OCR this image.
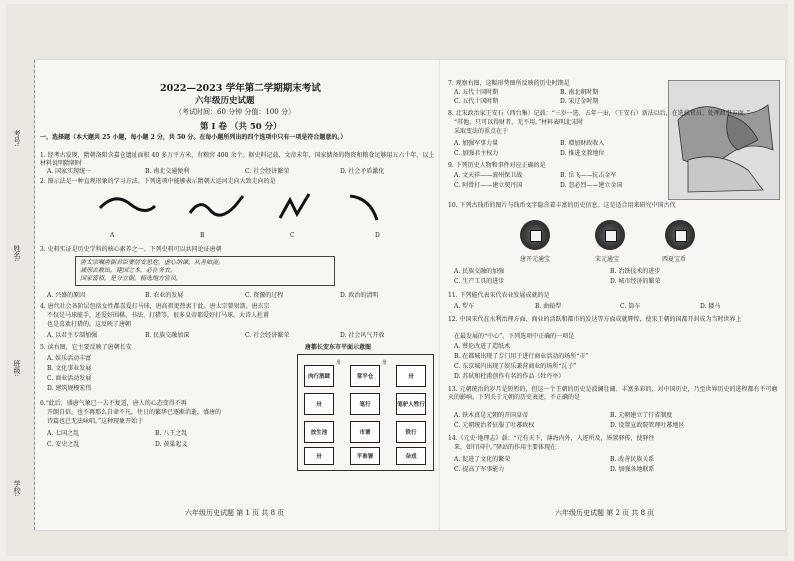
考号:
姓名:
班级:
学校:
2022—2023 学年第二学期期末考试
六年级历史试题
（考试时间：60 分钟 分值：100 分）
第 I 卷 （共 50 分）
一、选择题（本大题共 25 小题，每小题 2 分，共 50 分。在每小题所列出的四个选项中只有一项是符合题意的。）
1. 经考古发现，隋朝洛阳含嘉仓遗址面积 40 多万平方米，有粮窖 400 余个。据史料记载，文帝末年，国家储备的物资和粮食足够用五六十年，以上材料说明隋朝时
A. 国家实现统一	B. 南北交通便利	C. 社会经济繁荣	D. 社会矛盾激化
2. 图示法是一种直观形象的学习方法。下列选项中能够表示隋朝大运河走向大致走向的是
A	B	C	D
3. 史料实证是历史学科的核心素养之一。下列史料可以共同论证唐朝
唐太宗嘱唐朝君臣要居安思危，虚心纳谏，从善如流。
减刑去赦出，建国之本，必在务农。
国家富裕，是分立朝。精选地方官员。
A. 兴盛的原因	B. 农业的发展	C. 资源的过程	D. 政治的清明
4. 唐代社会各阶层包括女性都喜爱打马球，唐高祖更热衷于此。唐太宗曾射箭。唐玄宗
不仅是马球能手，还爱好围棋、书法、打猎等，很多皇帝都爱好打马球。大诗人杜甫
也是喜欢打猎的。这反映了唐朝
A. 以君主专制加强	B. 民族交融加深	C. 社会经济繁荣	D. 社会风气开放
5. 读右图，它主要反映了唐朝长安
A. 娱乐活动丰富
B. 文化事业发展
C. 商业活动发展
D. 建筑规模宏伟
唐都长安东市平面示意图
肉行酒肆	常平仓	卅
卅	笔行	笔驴人牲行
放生池	市署	铁行
卅	平准署	杂戏
卅	卅
6.“此后，盛唐气象已一去不复返，唐人的心态变得不再
开朗自信，也不再那么自命不凡，往日的繁华已逐渐消逝，盛唐的
诗篇也已无法咏唱。”这种现象开始于
A. 七国之乱	B. 八王之乱
C. 安史之乱	D. 黄巢起义
六年级历史试题 第 1 页 共 8 页
7. 观察右图，这幅形势图所反映的历史时期是
A. 五代十国时期	B. 南北朝时期
C. 五代十国时期	D. 宋辽金时期
8. 北宋政治家王安石（西台集）记载：“三岁一选，五年一贡，（王安石）新法以后，在选拔官员、处理政事方面。”
“其他，只可以得财者，无不用。”材料表明北宋时
采取变法的重点在于
A. 加强军事力量	B. 增加财政收入
C. 加强君主权力	D. 推进文教地位
9. 下列历史人物和事件对应正确的是
A. 文天祥——澶州保卫战	B. 岳飞——抗击金军
C. 阿骨打——建立契丹国	D. 忽必烈——建立金国
10. 下列古钱币的图片与钱币文字隐含着丰富的历史信息。这是适合用来研究中国古代
唐开元通宝	宋元通宝	西夏宝币
A. 民族交融的加强	B. 冶铁技术的进步
C. 生产工具的进步	D. 城市经济的繁荣
11. 下列能代表宋代农业发展成就的是
A. 犁车	B. 曲辕犁	C. 筒车	D. 耧马
12. 中国宋代在水利治理方面、商业的活跃和都市的发达等方面成就辉煌，使宋王朝的国都开封成为当时世界上
在最发展的“中心”。下列选项中正确的一项是
A. 蔡伦改进了造纸术
B. 在都城出现了专门用于进行商业活动的场所“市”
C. 东京城内出现了娱乐兼营商业的场所“瓦子”
D. 苏轼和杜甫创作有名的作品《牡丹亭》
13. 元朝统治的岁月是短暂的，但这一个王朝的历史是波澜壮阔、丰富多彩的，对中国历史，乃至世界历史的进程都有不可磨灭的影响。下列关于元朝的历史表述，不正确的是
A. 铁木真是元朝的开国皇帝	B. 元朝建立了行省制度
C. 元朝统治者征服了吐蕃政权	D. 设置宣政院管理吐蕃地区
14.《元史·地理志》载：“元有天下，薄海内外，人迹所及，皆置驿传，使驿往
来，如行国中。”驿站的作用主要体现在
A. 促进了文化的繁荣	B. 改善民族关系
C. 提高了军事能力	D. 加强各地联系
六年级历史试题 第 2 页 共 8 页
